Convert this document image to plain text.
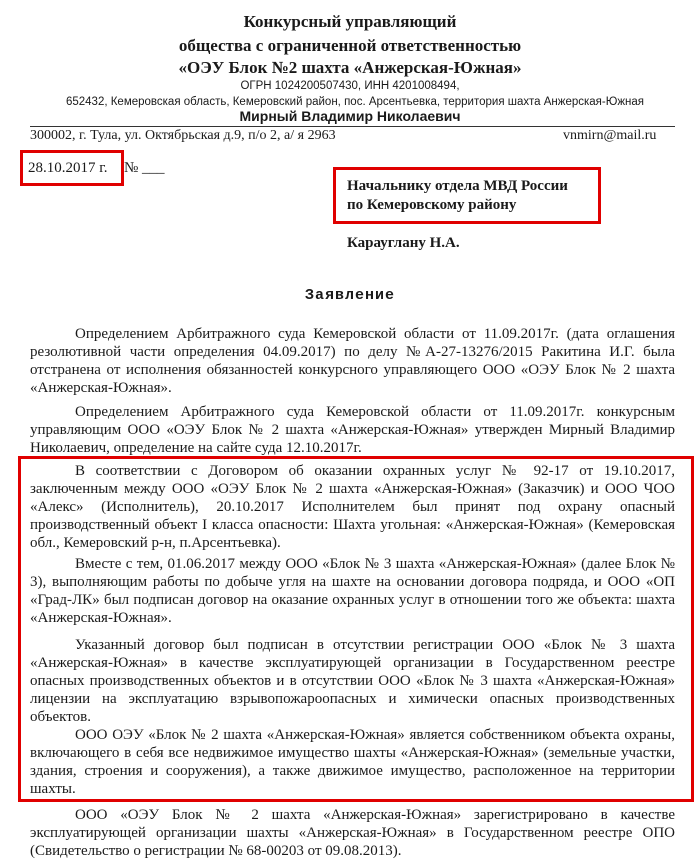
Конкурсный управляющий
общества с ограниченной ответственностью
«ОЭУ Блок №2 шахта «Анжерская-Южная»
ОГРН 1024200507430, ИНН 4201008494,
652432, Кемеровская область, Кемеровский район, пос. Арсентьевка, территория шахта Анжерская-Южная
Мирный Владимир Николаевич
300002, г. Тула, ул. Октябрьская д.9, п/о 2, а/ я 2963	vnmirn@mail.ru
28.10.2017 г. № ___
Начальнику отдела МВД России
по Кемеровскому району
Карауглану Н.А.
Заявление
Определением Арбитражного суда Кемеровской области от 11.09.2017г. (дата оглашения резолютивной части определения 04.09.2017) по делу №А-27-13276/2015 Ракитина И.Г. была отстранена от исполнения обязанностей конкурсного управляющего ООО «ОЭУ Блок № 2 шахта «Анжерская-Южная».
Определением Арбитражного суда Кемеровской области от 11.09.2017г. конкурсным управляющим ООО «ОЭУ Блок № 2 шахта «Анжерская-Южная» утвержден Мирный Владимир Николаевич, определение на сайте суда 12.10.2017г.
В соответствии с Договором об оказании охранных услуг № 92-17 от 19.10.2017, заключенным между ООО «ОЭУ Блок № 2 шахта «Анжерская-Южная» (Заказчик) и ООО ЧОО «Алекс» (Исполнитель), 20.10.2017 Исполнителем был принят под охрану опасный производственный объект I класса опасности: Шахта угольная: «Анжерская-Южная» (Кемеровская обл., Кемеровский р-н, п.Арсентьевка).
Вместе с тем, 01.06.2017 между ООО «Блок № 3 шахта «Анжерская-Южная» (далее Блок № 3), выполняющим работы по добыче угля на шахте на основании договора подряда, и ООО «ОП «Град-ЛК» был подписан договор на оказание охранных услуг в отношении того же объекта: шахта «Анжерская-Южная».
Указанный договор был подписан в отсутствии регистрации ООО «Блок № 3 шахта «Анжерская-Южная» в качестве эксплуатирующей организации в Государственном реестре опасных производственных объектов и в отсутствии ООО «Блок № 3 шахта «Анжерская-Южная» лицензии на эксплуатацию взрывопожароопасных и химически опасных производственных объектов.
ООО ОЭУ «Блок № 2 шахта «Анжерская-Южная» является собственником объекта охраны, включающего в себя все недвижимое имущество шахты «Анжерская-Южная» (земельные участки, здания, строения и сооружения), а также движимое имущество, расположенное на территории шахты.
ООО «ОЭУ Блок № 2 шахта «Анжерская-Южная» зарегистрировано в качестве эксплуатирующей организации шахты «Анжерская-Южная» в Государственном реестре ОПО (Свидетельство о регистрации № 68-00203 от 09.08.2013).
